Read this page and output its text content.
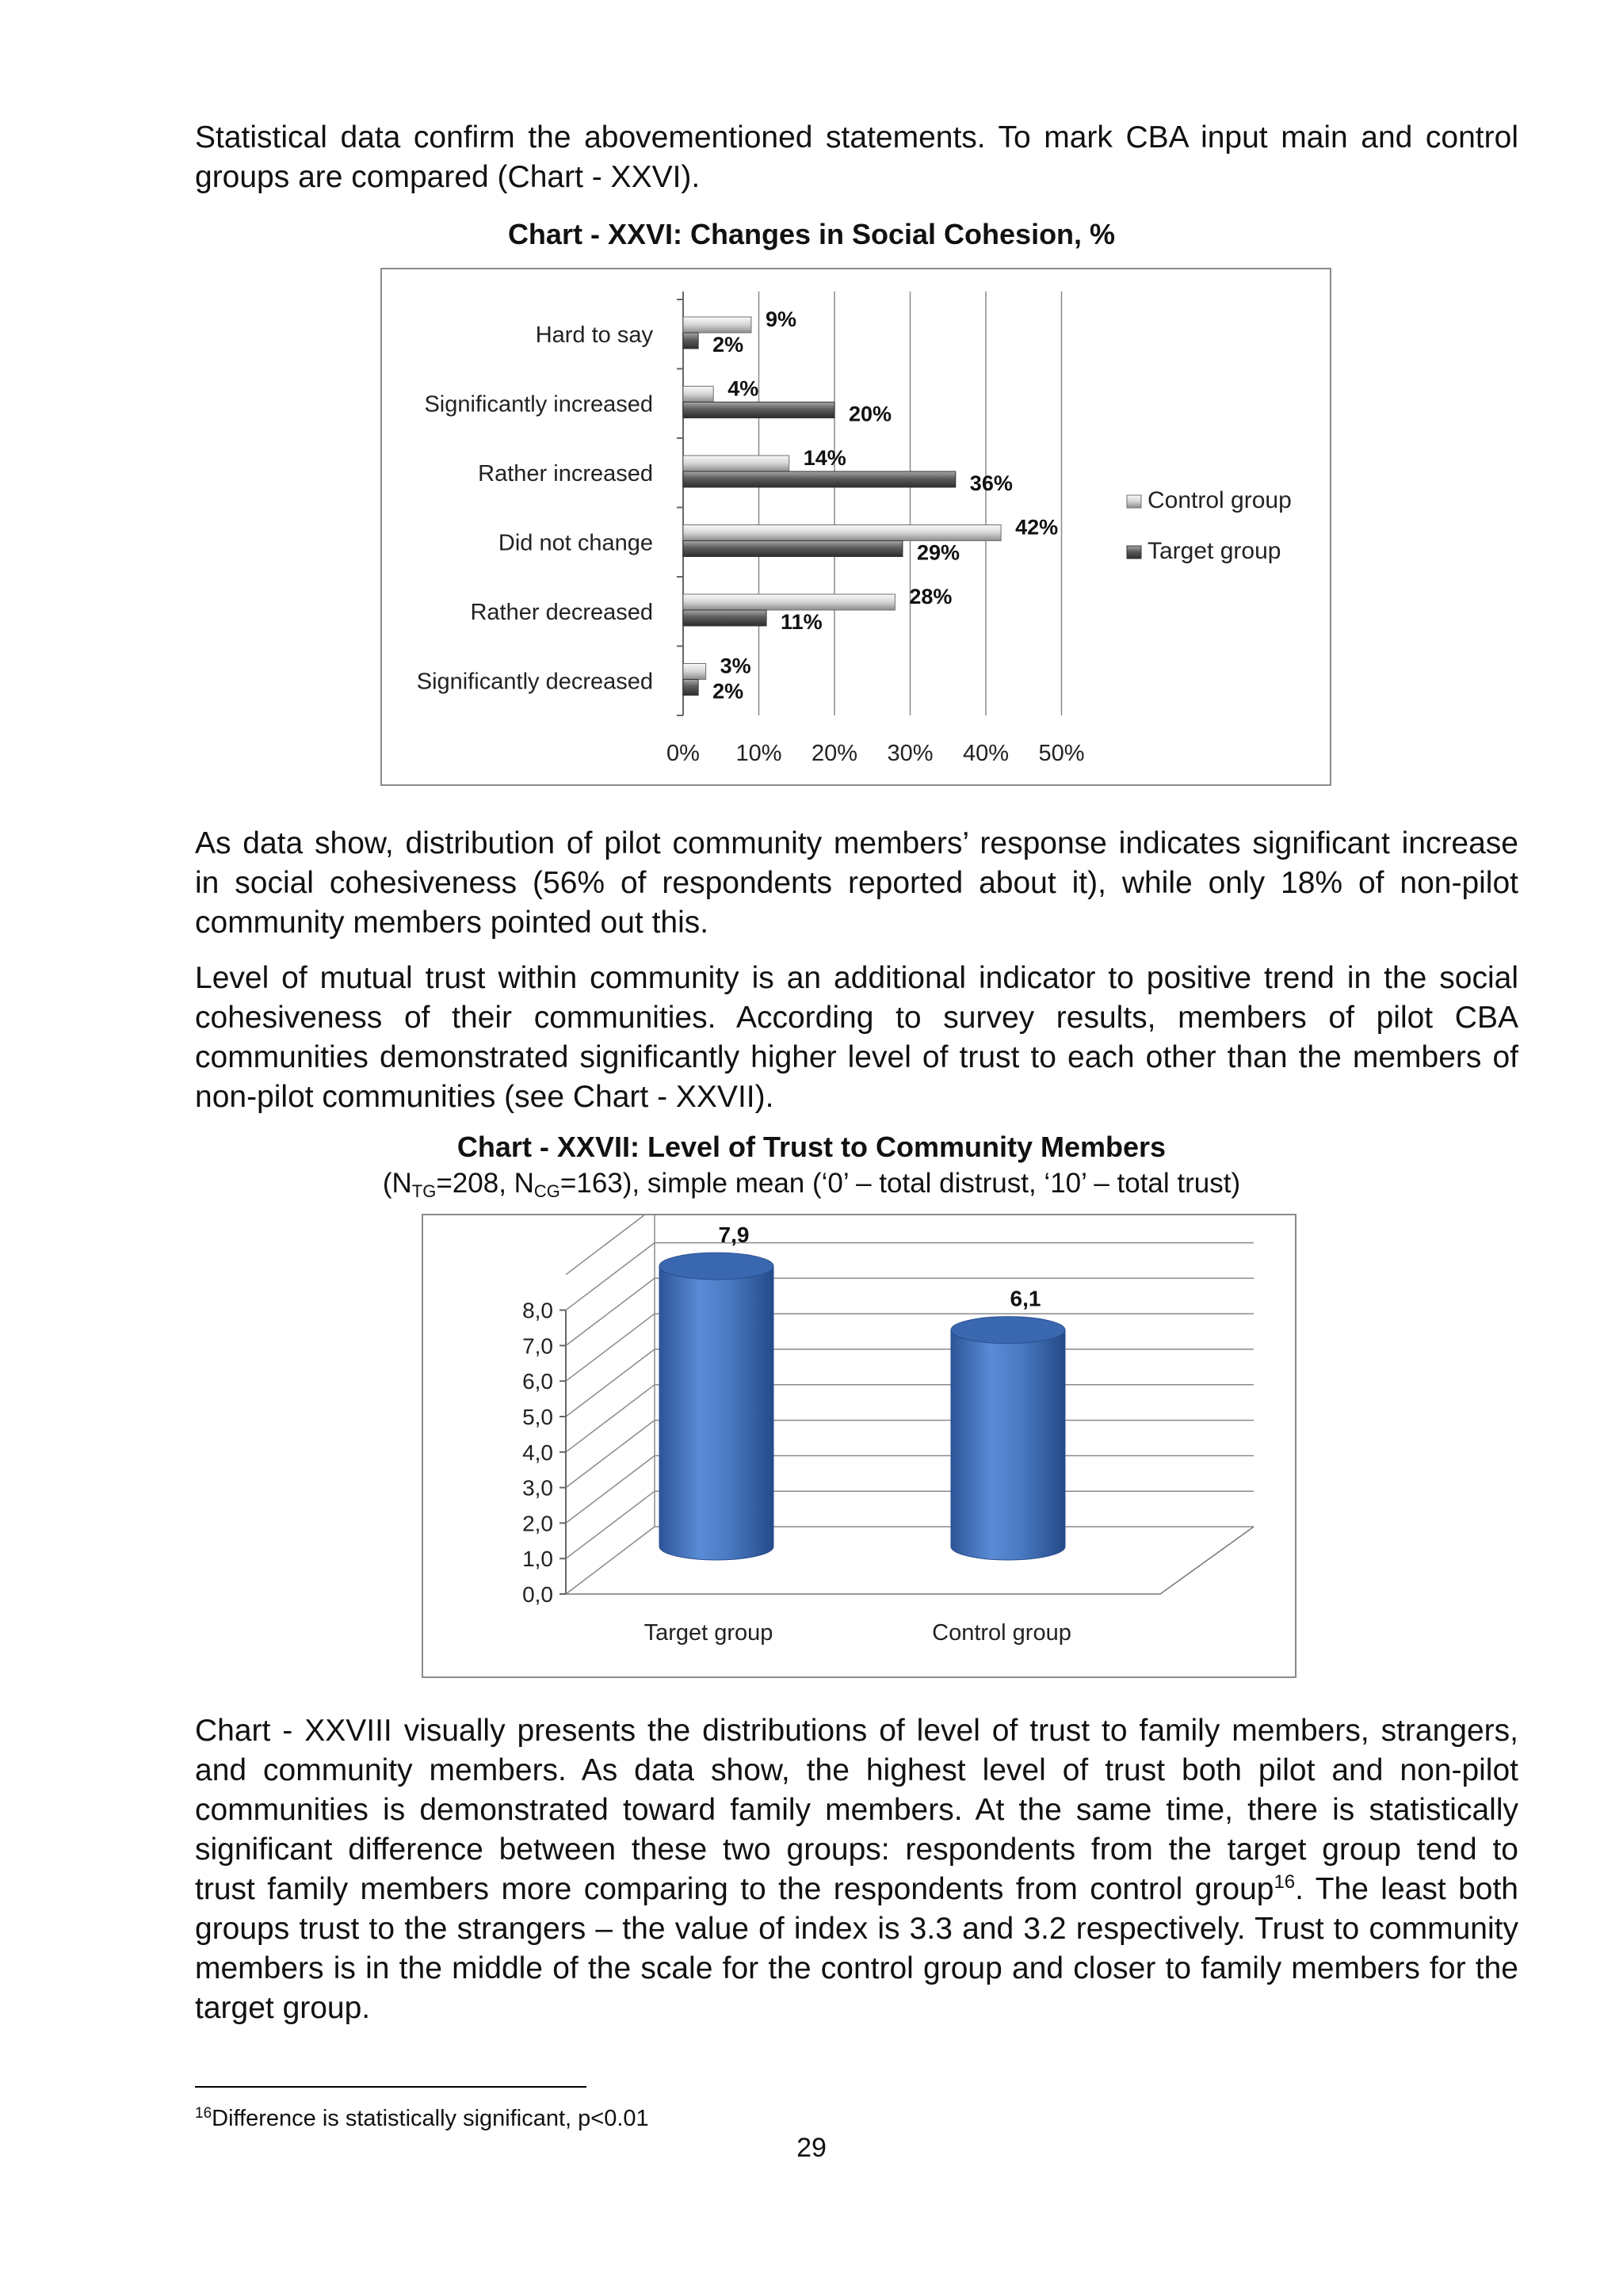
Statistical data confirm the abovementioned statements. To mark CBA input main and control
groups are compared (Chart - XXVI).
Chart - XXVI: Changes in Social Cohesion, %
0% 10% 20% 30% 40% 50%
Hard to say
9%
2%
Significantly increased
4%
20%
Rather increased
14%
36%
Did not change
42%
29%
Rather decreased
28%
11%
Significantly decreased
3%
2%
Control group
Target group
As data show, distribution of pilot community members’ response indicates significant increase
in social cohesiveness (56% of respondents reported about it), while only 18% of non-pilot
community members pointed out this.
Level of mutual trust within community is an additional indicator to positive trend in the social
cohesiveness of their communities. According to survey results, members of pilot CBA
communities demonstrated significantly higher level of trust to each other than the members of
non-pilot communities (see Chart - XXVII).
Chart - XXVII: Level of Trust to Community Members
($N_{TG}=208$, $N_{CG}=163$), simple mean (‘0’ – total distrust, ‘10’ – total trust)
0,0
1,0
2,0
3,0
4,0
5,0
6,0
7,0
8,0
7,9
Target group
6,1
Control group
Chart - XXVIII visually presents the distributions of level of trust to family members, strangers,
and community members. As data show, the highest level of trust both pilot and non-pilot
communities is demonstrated toward family members. At the same time, there is statistically
significant difference between these two groups: respondents from the target group tend to
trust family members more comparing to the respondents from control group$^{16}$. The least both
groups trust to the strangers – the value of index is 3.3 and 3.2 respectively. Trust to community
members is in the middle of the scale for the control group and closer to family members for the
target group.
$^{16}$Difference is statistically significant, p<0.01
29
